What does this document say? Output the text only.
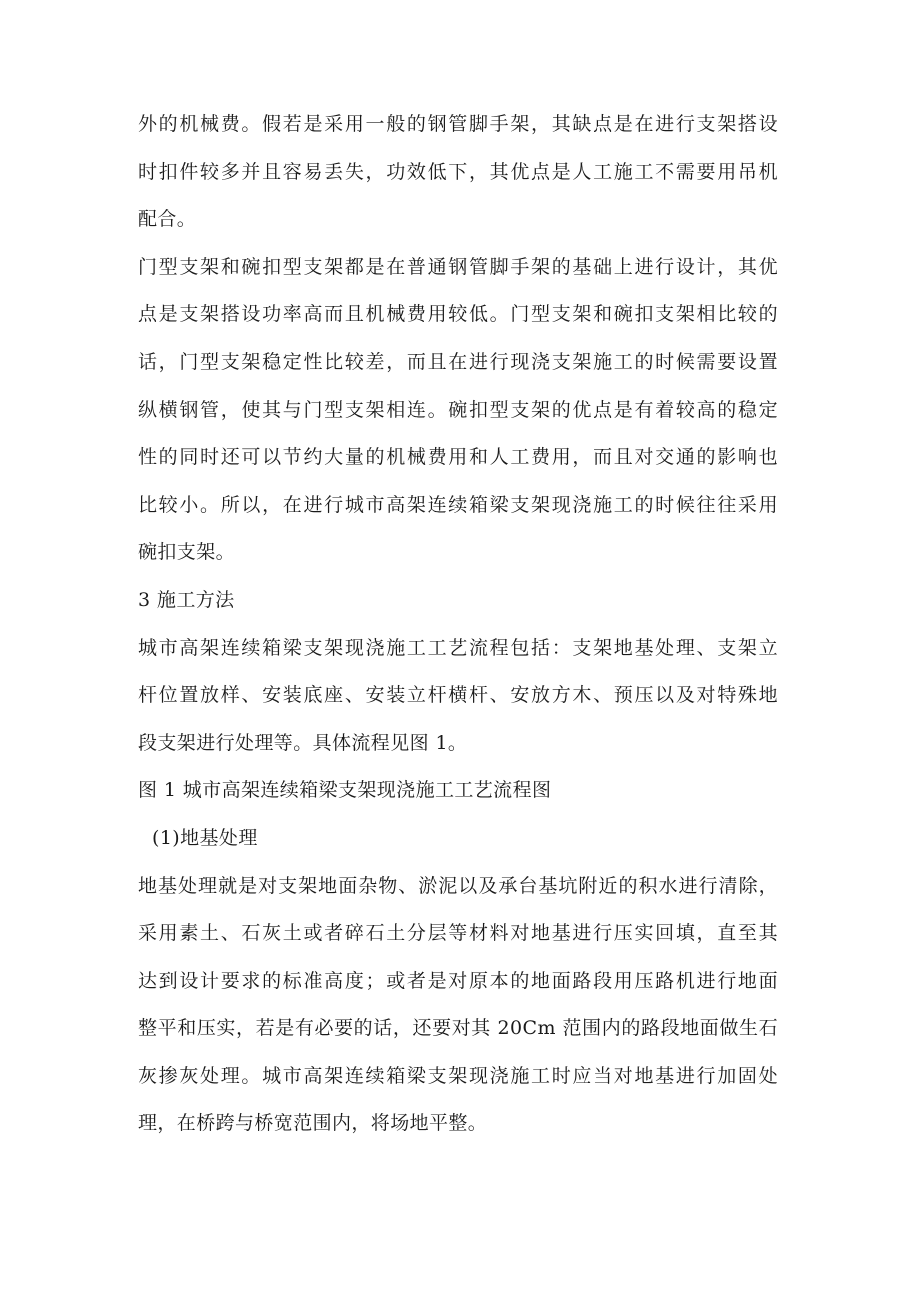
外的机械费。假若是采用一般的钢管脚手架，其缺点是在进行支架搭设
时扣件较多并且容易丢失，功效低下，其优点是人工施工不需要用吊机
配合。
门型支架和碗扣型支架都是在普通钢管脚手架的基础上进行设计，其优
点是支架搭设功率高而且机械费用较低。门型支架和碗扣支架相比较的
话，门型支架稳定性比较差，而且在进行现浇支架施工的时候需要设置
纵横钢管，使其与门型支架相连。碗扣型支架的优点是有着较高的稳定
性的同时还可以节约大量的机械费用和人工费用，而且对交通的影响也
比较小。所以，在进行城市高架连续箱梁支架现浇施工的时候往往采用
碗扣支架。
3 施工方法
城市高架连续箱梁支架现浇施工工艺流程包括：支架地基处理、支架立
杆位置放样、安装底座、安装立杆横杆、安放方木、预压以及对特殊地
段支架进行处理等。具体流程见图 1。
图 1 城市高架连续箱梁支架现浇施工工艺流程图
(1)地基处理
地基处理就是对支架地面杂物、淤泥以及承台基坑附近的积水进行清除，
采用素土、石灰土或者碎石土分层等材料对地基进行压实回填，直至其
达到设计要求的标准高度；或者是对原本的地面路段用压路机进行地面
整平和压实，若是有必要的话，还要对其 20Cm 范围内的路段地面做生石
灰掺灰处理。城市高架连续箱梁支架现浇施工时应当对地基进行加固处
理，在桥跨与桥宽范围内，将场地平整。
